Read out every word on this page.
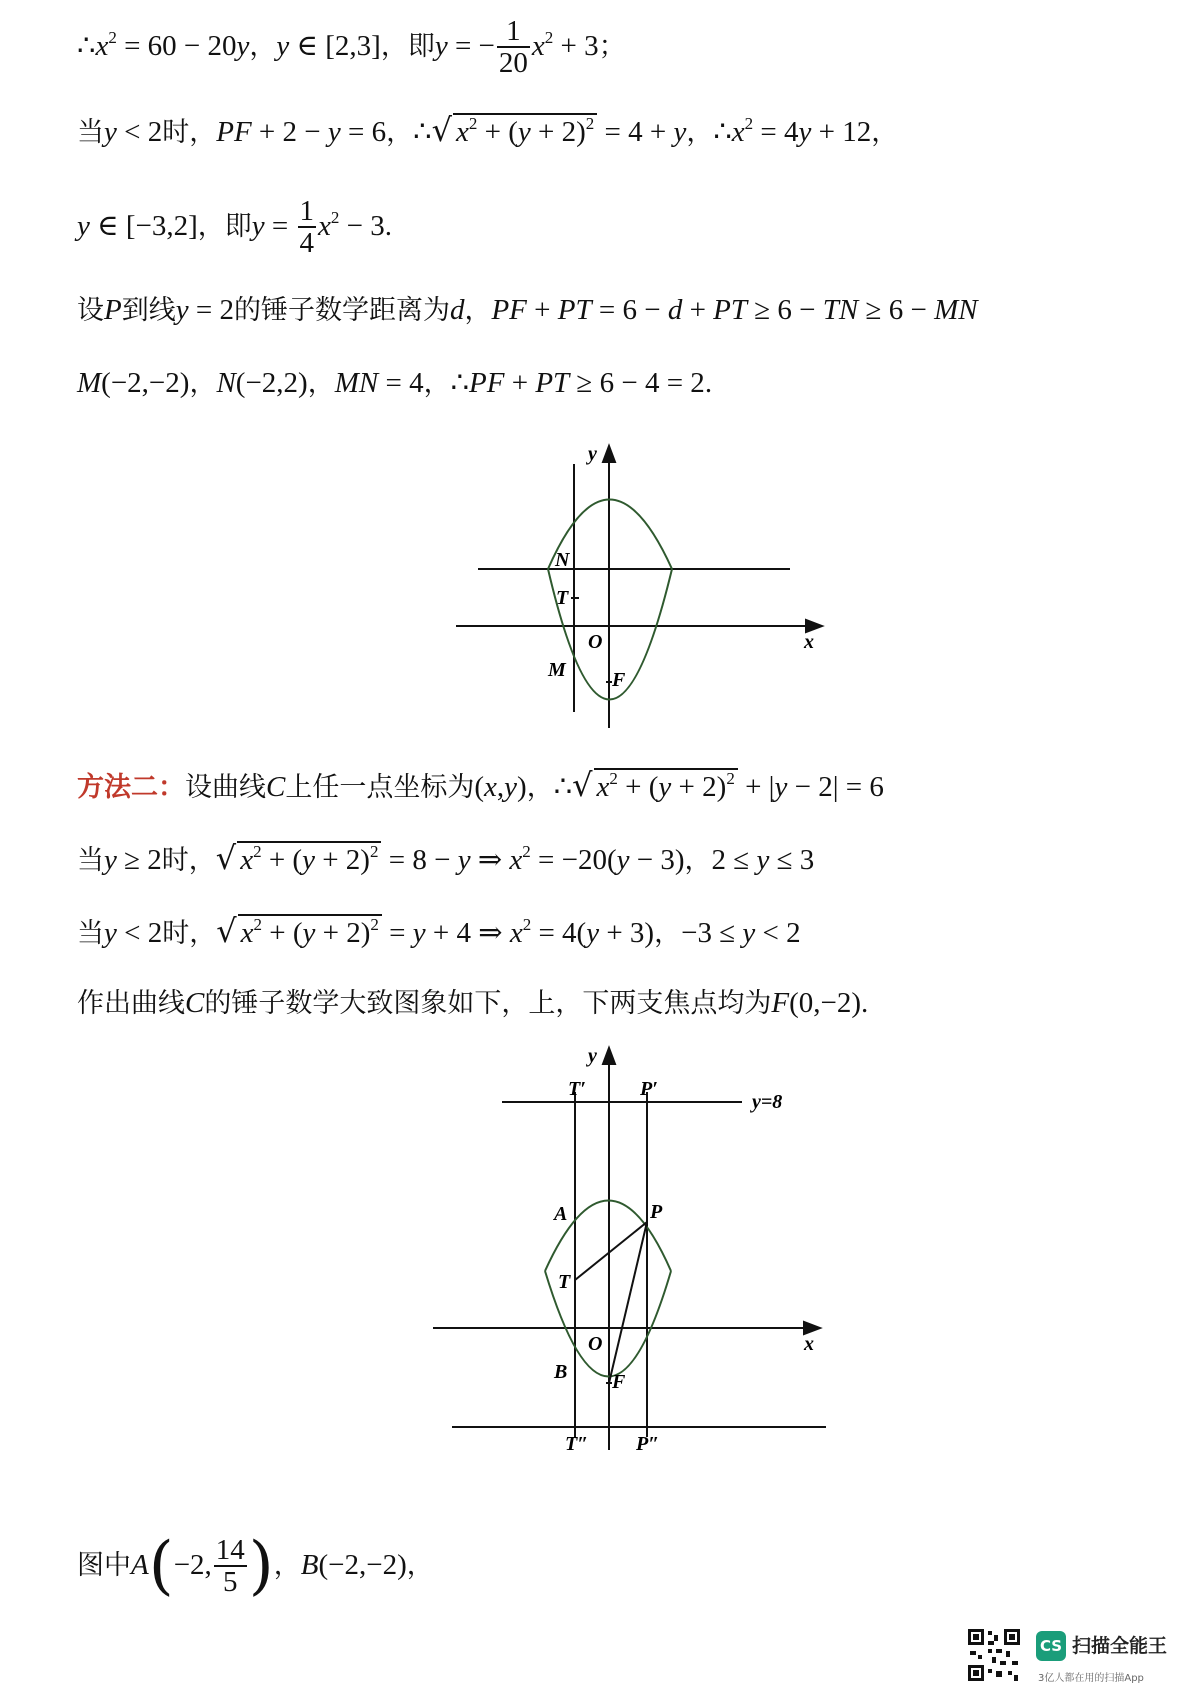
$\therefore x^2 = 60 - 20y$，y ∈ [2,3]，即y = − $\frac{1}{20} x^2 + 3$；
当y < 2时，PF + 2 − y = 6，∴√ $x^2 + (y + 2)^2 = 4 + y$，$\therefore x^2 = 4y + 12$，
y ∈ [−3,2]，即$y = \frac{1}{4} x^2 - 3$.
设P到线y = 2的锤子数学距离为d，PF + PT = 6 − d + PT ≥ 6 − TN ≥ 6 − MN
M(−2,−2)，N(−2,2)，MN = 4，∴PF + PT ≥ 6 − 4 = 2.
y
x
O
N
T
M F
方法二：设曲线C上任一点坐标为(x,y)，∴√ $x^2 + (y + 2)^2 + |y - 2| = 6$
当y ≥ 2时，√ $x^2 + (y + 2)^2 = 8 - y$ ⇒ $x^2 = -20(y - 3)$，2 ≤ y ≤ 3
当y < 2时，√ $x^2 + (y + 2)^2 = y + 4$ ⇒ $x^2 = 4(y + 3)$，−3 ≤ y < 2
作出曲线C的锤子数学大致图象如下，上，下两支焦点均为F(0,−2).
y
x
O
T′	P′
y=8
A	P
T
B F
T″ P″
图中A(−2, $\frac{14}{5}$ )，B(−2,−2)，
CS 扫描全能王
3亿人都在用的扫描App
